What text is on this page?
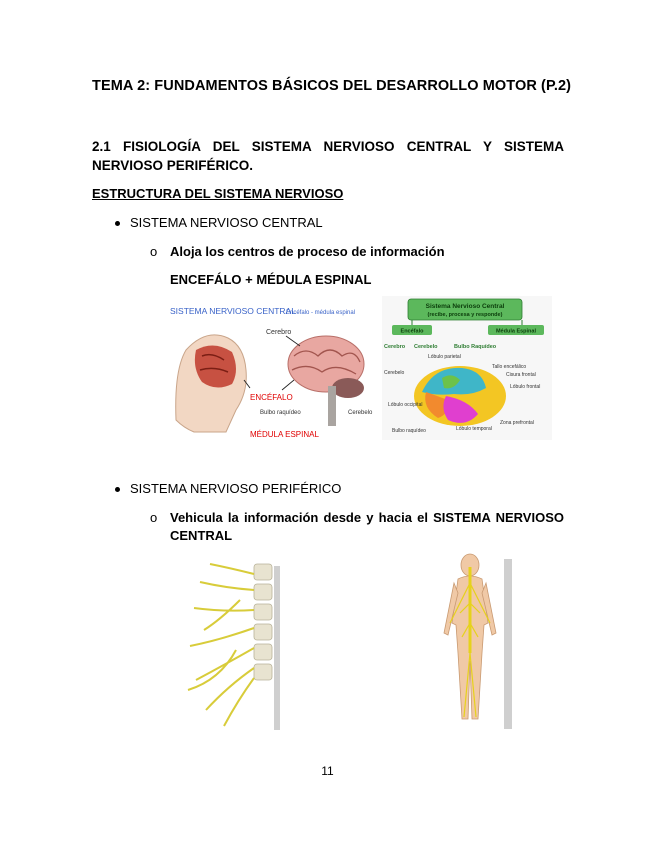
TEMA 2: FUNDAMENTOS BÁSICOS DEL DESARROLLO MOTOR (P.2)
2.1 FISIOLOGÍA DEL SISTEMA NERVIOSO CENTRAL Y SISTEMA NERVIOSO PERIFÉRICO.
ESTRUCTURA DEL SISTEMA NERVIOSO
SISTEMA NERVIOSO CENTRAL
o Aloja los centros de proceso de información
ENCEFÁLO + MÉDULA ESPINAL
SISTEMA NERVIOSO CENTRAL
Encéfalo - médula espinal
Cerebro
ENCÉFALO
Bulbo raquídeo	Cerebelo
MÉDULA ESPINAL
Sistema Nervioso Central
(recibe, procesa y responde)
Encéfalo	Médula Espinal
Cerebro Cerebelo	Bulbo Raquídeo
Lóbulo parietal
Tallo encefálico
Cisura frontal
Lóbulo frontal
Cerebelo
Lóbulo occipital
Bulbo raquídeo	Lóbulo temporal
Zona prefrontal
SISTEMA NERVIOSO PERIFÉRICO
o Vehicula la información desde y hacia el SISTEMA NERVIOSO
CENTRAL
11
